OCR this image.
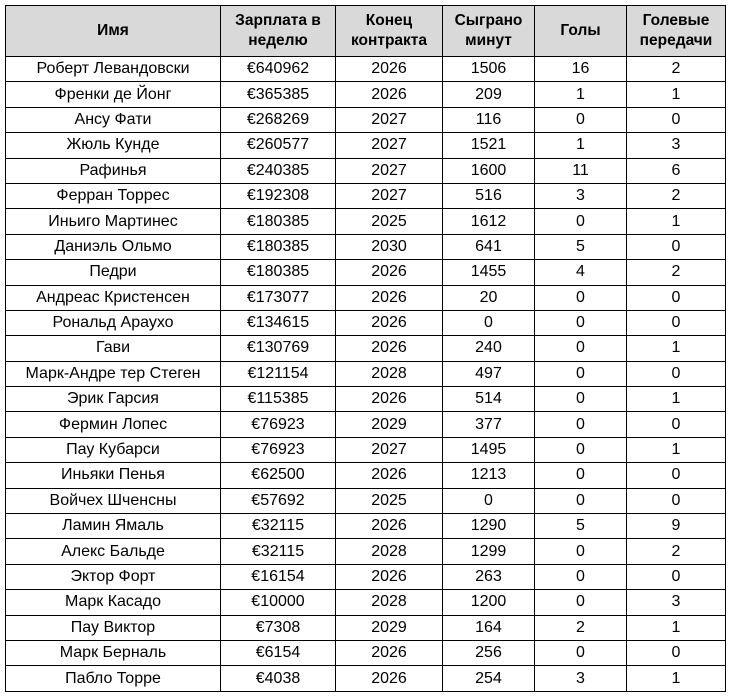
Имя	Зарплата в неделю	Конец контракта	Сыграно минут	Голы	Голевые передачи
Роберт Левандовски	€640962	2026	1506	16	2
Френки де Йонг	€365385	2026	209	1	1
Ансу Фати	€268269	2027	116	0	0
Жюль Кунде	€260577	2027	1521	1	3
Рафинья	€240385	2027	1600	11	6
Ферран Торрес	€192308	2027	516	3	2
Иньиго Мартинес	€180385	2025	1612	0	1
Даниэль Ольмо	€180385	2030	641	5	0
Педри	€180385	2026	1455	4	2
Андреас Кристенсен	€173077	2026	20	0	0
Рональд Араухо	€134615	2026	0	0	0
Гави	€130769	2026	240	0	1
Марк-Андре тер Стеген	€121154	2028	497	0	0
Эрик Гарсия	€115385	2026	514	0	1
Фермин Лопес	€76923	2029	377	0	0
Пау Кубарси	€76923	2027	1495	0	1
Иньяки Пенья	€62500	2026	1213	0	0
Войчех Шченсны	€57692	2025	0	0	0
Ламин Ямаль	€32115	2026	1290	5	9
Алекс Бальде	€32115	2028	1299	0	2
Эктор Форт	€16154	2026	263	0	0
Марк Касадо	€10000	2028	1200	0	3
Пау Виктор	€7308	2029	164	2	1
Марк Берналь	€6154	2026	256	0	0
Пабло Торре	€4038	2026	254	3	1
